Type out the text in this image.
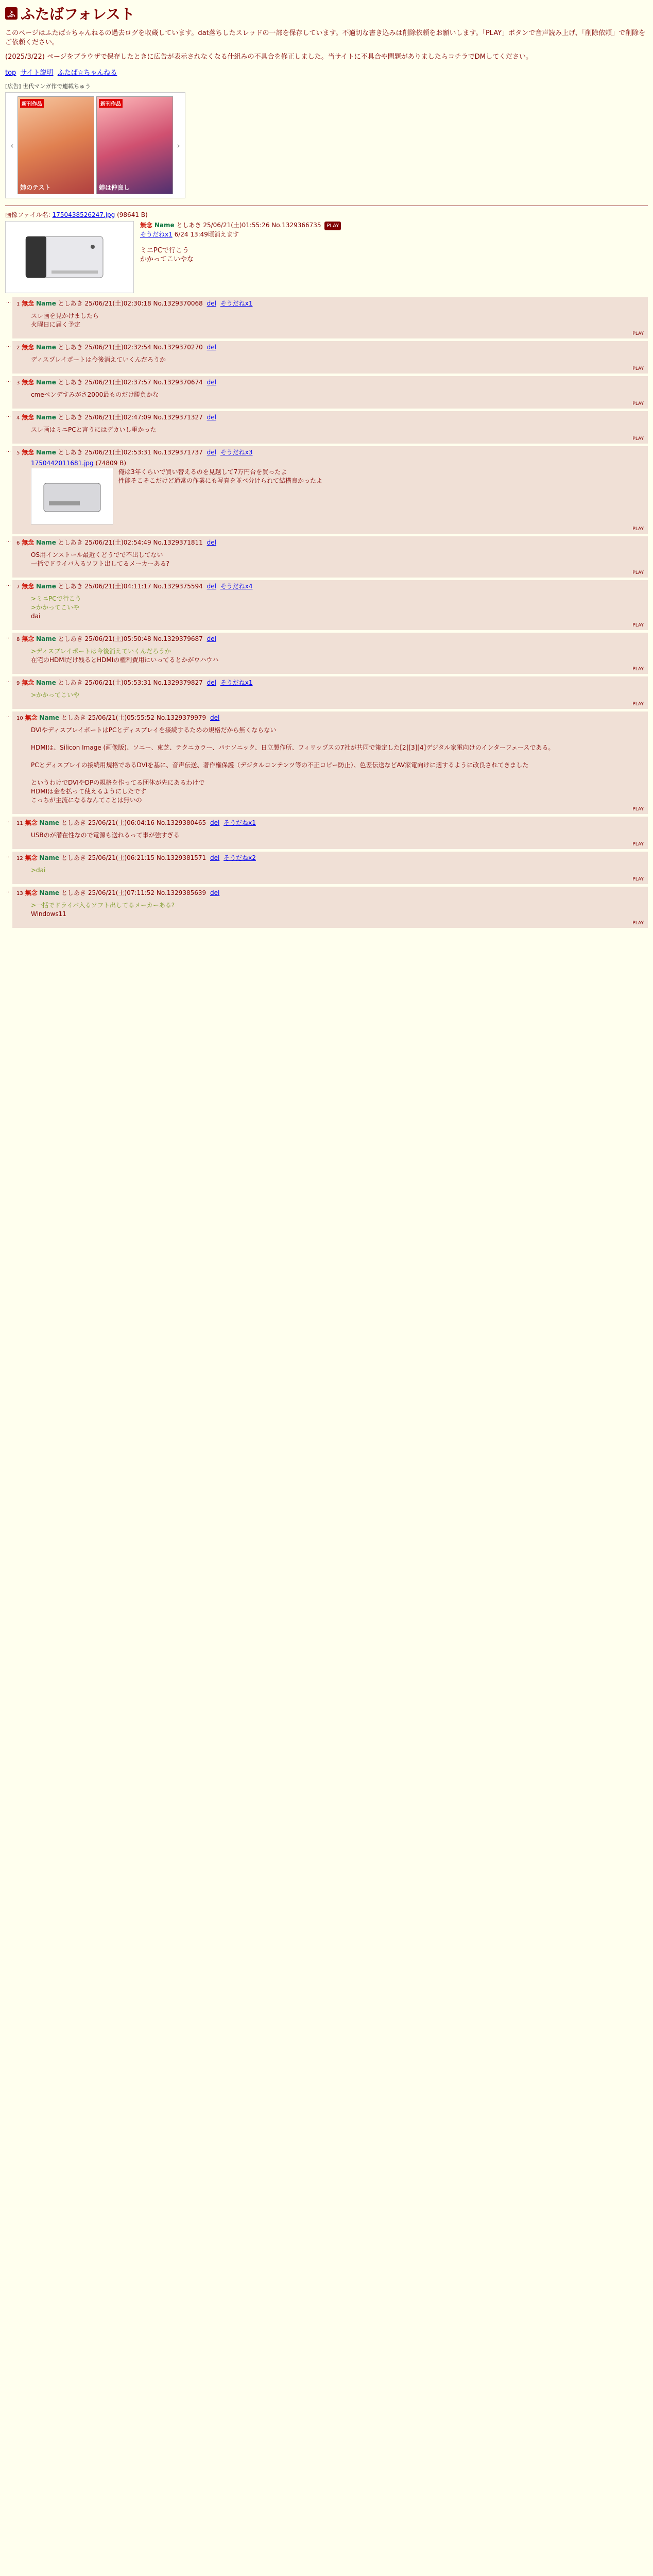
ふ ふたばフォレスト

このページはふたば☆ちゃんねるの過去ログを収蔵しています。dat落ちしたスレッドの一部を保存しています。不適切な書き込みは削除依頼をお願いします。「PLAY」ボタンで音声読み上げ、「削除依頼」で削除をご依頼ください。

(2025/3/22) ページをブラウザで保存したときに広告が表示されなくなる仕組みの不具合を修正しました。当サイトに不具合や問題がありましたらコチラでDMしてください。

top サイト説明 ふたば☆ちゃんねる
[広告] 世代マンガ作で連載ちゅう
‹
新刊作品
姉のテスト
新刊作品
姉は仲良し
›
画像ファイル名: 1750438526247.jpg (98641 B)
無念 Name としあき 25/06/21(土)01:55:26 No.1329366735 PLAY
そうだねx1 6/24 13:49頃消えます
ミニPCで行こう
かかってこいやな
…	1 無念 Name としあき 25/06/21(土)02:30:18 No.1329370068 del そうだねx1
スレ画を見かけましたら
火曜日に届く予定
PLAY
…	2 無念 Name としあき 25/06/21(土)02:32:54 No.1329370270 del
ディスプレイポートは今後消えていくんだろうか
PLAY
…	3 無念 Name としあき 25/06/21(土)02:37:57 No.1329370674 del
cmeペンデすみがさ2000最ものだけ勝負かな
PLAY
…	4 無念 Name としあき 25/06/21(土)02:47:09 No.1329371327 del
スレ画はミニPCと言うにはデカいし重かった
PLAY
…	5 無念 Name としあき 25/06/21(土)02:53:31 No.1329371737 del そうだねx3
1750442011681.jpg (74809 B)
俺は3年くらいで買い替えるのを見越して7万円台を買ったよ
性能そこそこだけど通常の作業にも写真を並べ分けられて結構良かったよ
PLAY
…	6 無念 Name としあき 25/06/21(土)02:54:49 No.1329371811 del
OS用インストール最近くどうでで不出してない
一括でドライバ入るソフト出してるメーカーある?
PLAY
…	7 無念 Name としあき 25/06/21(土)04:11:17 No.1329375594 del そうだねx4
>ミニPCで行こう
>かかってこいや
dai
PLAY
…	8 無念 Name としあき 25/06/21(土)05:50:48 No.1329379687 del
>ディスプレイポートは今後消えていくんだろうか
在宅のHDMIだけ残るとHDMIの権利費用にいってるとかがウハウハ
PLAY
…	9 無念 Name としあき 25/06/21(土)05:53:31 No.1329379827 del そうだねx1
>かかってこいや
PLAY
…	10 無念 Name としあき 25/06/21(土)05:55:52 No.1329379979 del
DVIやディスプレイポートはPCとディスプレイを接続するための規格だから無くならない
HDMIは、Silicon Image (画像版)、ソニー、東芝、テクニカラー、パナソニック、日立製作所、フィリップスの7社が共同で策定した[2][3][4]デジタル家電向けのインターフェースである。
PCとディスプレイの接続用規格であるDVIを基に、音声伝送、著作権保護（デジタルコンテンツ等の不正コピー防止）、色差伝送などAV家電向けに適するように改良されてきました
というわけでDVIやDPの規格を作ってる団体が先にあるわけで
HDMIは金を払って使えるようにしたです
こっちが主流になるなんてことは無いの
PLAY
…	11 無念 Name としあき 25/06/21(土)06:04:16 No.1329380465 del そうだねx1
USBのが潜在性なので電源も送れるって事が強すぎる
PLAY
…	12 無念 Name としあき 25/06/21(土)06:21:15 No.1329381571 del そうだねx2
>dai
PLAY
…	13 無念 Name としあき 25/06/21(土)07:11:52 No.1329385639 del
>一括でドライバ入るソフト出してるメーカーある?
Windows11
PLAY
